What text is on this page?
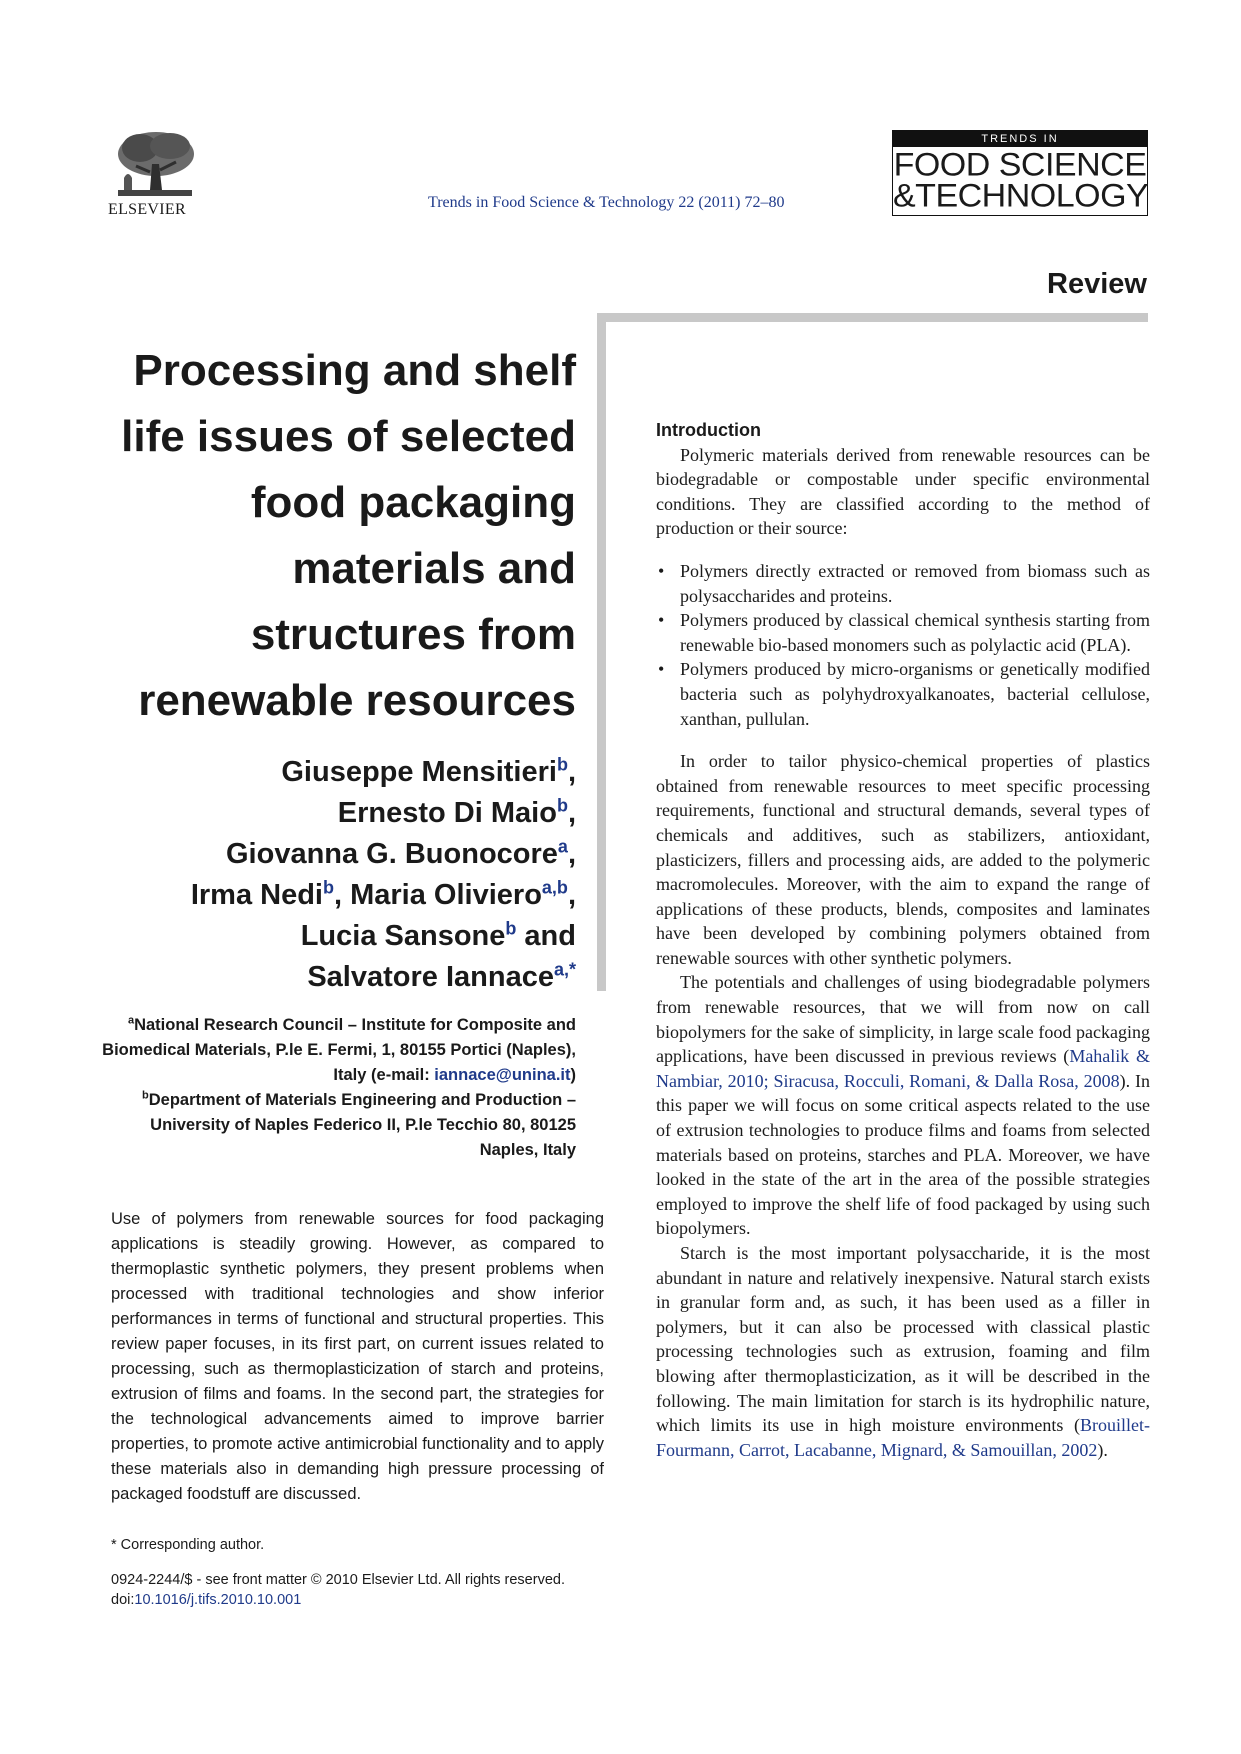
ELSEVIER	Trends in Food Science & Technology 22 (2011) 72–80
TRENDS IN
FOOD SCIENCE
&TECHNOLOGY
Review
Processing and shelf life issues of selected food packaging materials and structures from renewable resources
Giuseppe Mensitieri$^b$,
Ernesto Di Maio$^b$,
Giovanna G. Buonocore$^a$,
Irma Nedi$^b$, Maria Oliviero$^{a,b}$,
Lucia Sansone$^b$ and
Salvatore Iannace$^{a,*}$

$^a$National Research Council – Institute for Composite and Biomedical Materials, P.le E. Fermi, 1, 80155 Portici (Naples), Italy (e-mail: iannace@unina.it)

$^b$Department of Materials Engineering and Production – University of Naples Federico II, P.le Tecchio 80, 80125 Naples, Italy

Use of polymers from renewable sources for food packaging applications is steadily growing. However, as compared to thermoplastic synthetic polymers, they present problems when processed with traditional technologies and show inferior performances in terms of functional and structural properties. This review paper focuses, in its first part, on current issues related to processing, such as thermoplasticization of starch and proteins, extrusion of films and foams. In the second part, the strategies for the technological advancements aimed to improve barrier properties, to promote active antimicrobial functionality and to apply these materials also in demanding high pressure processing of packaged foodstuff are discussed.

* Corresponding author.
0924-2244/$ - see front matter © 2010 Elsevier Ltd. All rights reserved.
doi:10.1016/j.tifs.2010.10.001
Introduction

Polymeric materials derived from renewable resources can be biodegradable or compostable under specific environmental conditions. They are classified according to the method of production or their source:

• Polymers directly extracted or removed from biomass such as polysaccharides and proteins.
• Polymers produced by classical chemical synthesis starting from renewable bio-based monomers such as polylactic acid (PLA).
• Polymers produced by micro-organisms or genetically modified bacteria such as polyhydroxyalkanoates, bacterial cellulose, xanthan, pullulan.

In order to tailor physico-chemical properties of plastics obtained from renewable resources to meet specific processing requirements, functional and structural demands, several types of chemicals and additives, such as stabilizers, antioxidant, plasticizers, fillers and processing aids, are added to the polymeric macromolecules. Moreover, with the aim to expand the range of applications of these products, blends, composites and laminates have been developed by combining polymers obtained from renewable sources with other synthetic polymers.

The potentials and challenges of using biodegradable polymers from renewable resources, that we will from now on call biopolymers for the sake of simplicity, in large scale food packaging applications, have been discussed in previous reviews (Mahalik & Nambiar, 2010; Siracusa, Rocculi, Romani, & Dalla Rosa, 2008). In this paper we will focus on some critical aspects related to the use of extrusion technologies to produce films and foams from selected materials based on proteins, starches and PLA. Moreover, we have looked in the state of the art in the area of the possible strategies employed to improve the shelf life of food packaged by using such biopolymers.

Starch is the most important polysaccharide, it is the most abundant in nature and relatively inexpensive. Natural starch exists in granular form and, as such, it has been used as a filler in polymers, but it can also be processed with classical plastic processing technologies such as extrusion, foaming and film blowing after thermoplasticization, as it will be described in the following. The main limitation for starch is its hydrophilic nature, which limits its use in high moisture environments (Brouillet-Fourmann, Carrot, Lacabanne, Mignard, & Samouillan, 2002).
